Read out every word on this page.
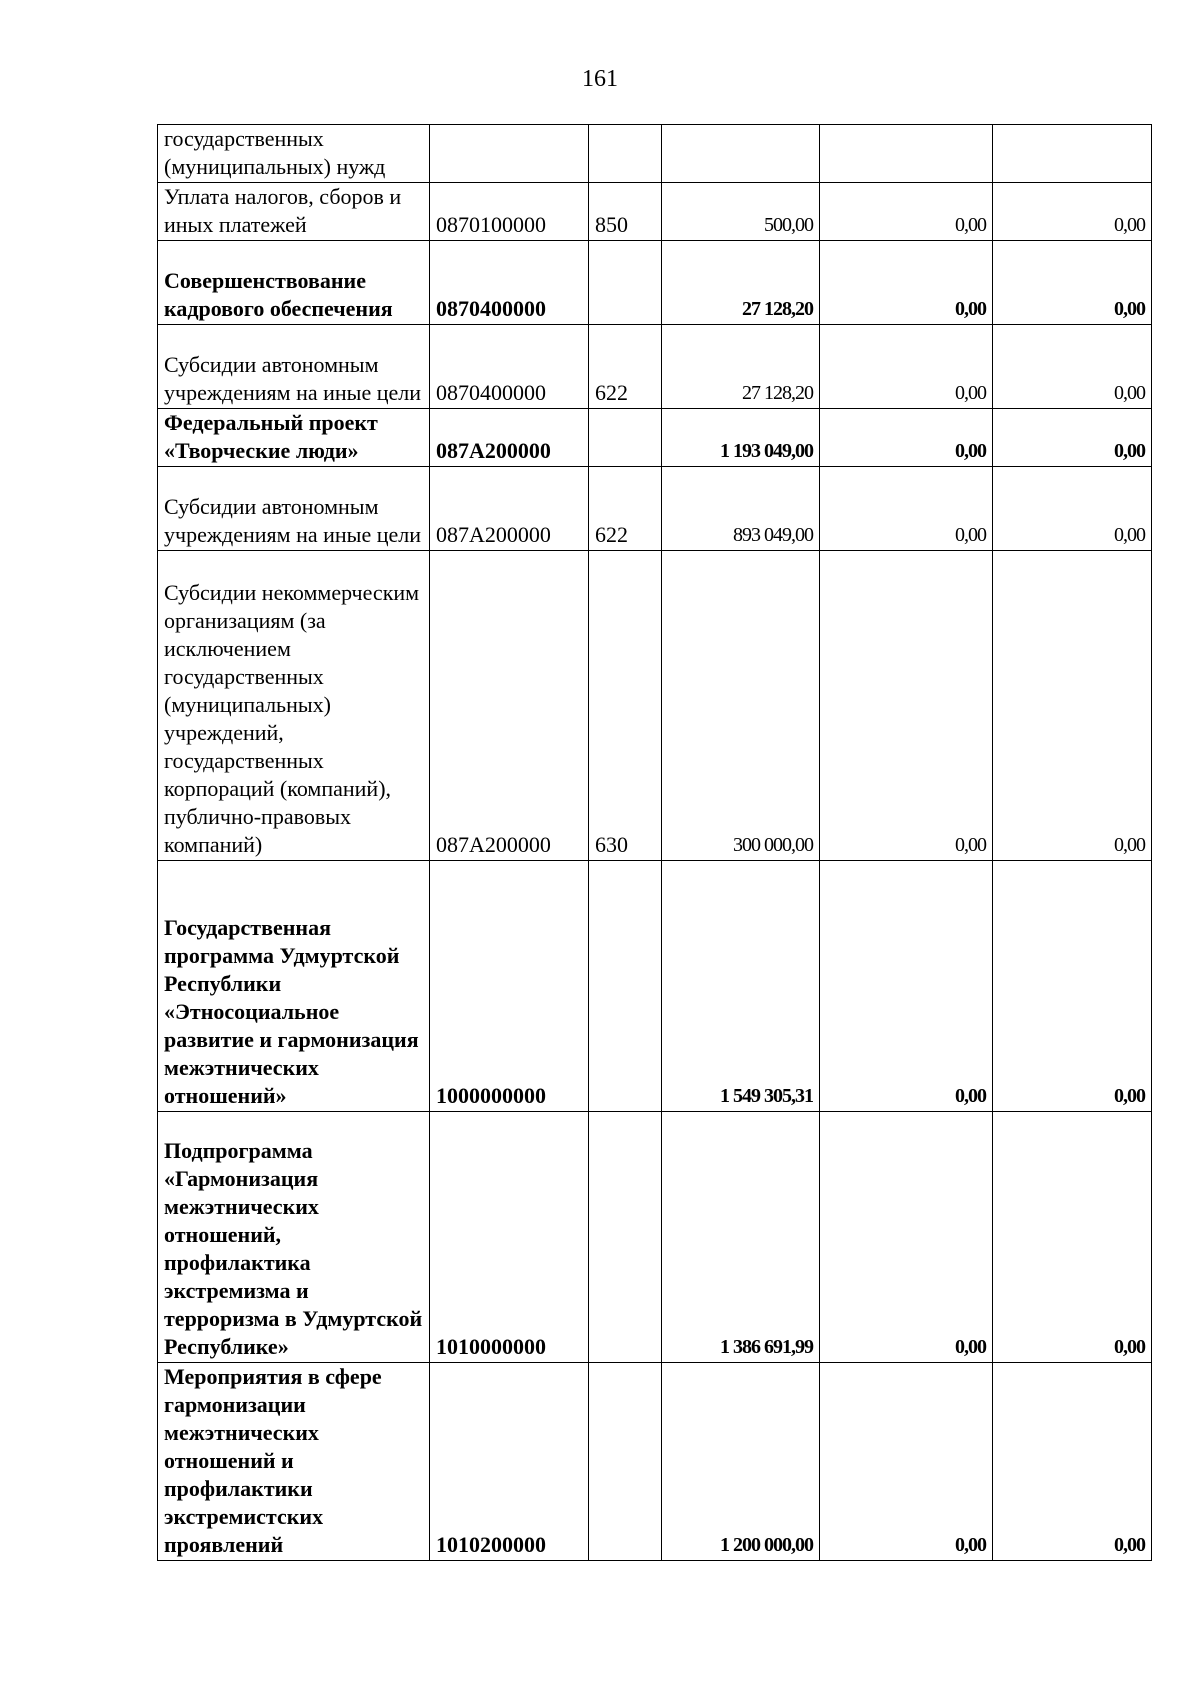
161
государственных (муниципальных) нужд					
Уплата налогов, сборов и иных платежей	0870100000	850	500,00	0,00	0,00
Совершенствование кадрового обеспечения	0870400000		27 128,20	0,00	0,00
Субсидии автономным учреждениям на иные цели	0870400000	622	27 128,20	0,00	0,00
Федеральный проект «Творческие люди»	087A200000		1 193 049,00	0,00	0,00
Субсидии автономным учреждениям на иные цели	087A200000	622	893 049,00	0,00	0,00
Субсидии некоммерческим организациям (за исключением государственных (муниципальных) учреждений, государственных корпораций (компаний), публично-правовых компаний)	087A200000	630	300 000,00	0,00	0,00
Государственная программа Удмуртской Республики «Этносоциальное развитие и гармонизация межэтнических отношений»	1000000000		1 549 305,31	0,00	0,00
Подпрограмма «Гармонизация межэтнических отношений, профилактика экстремизма и терроризма в Удмуртской Республике»	1010000000		1 386 691,99	0,00	0,00
Мероприятия в сфере гармонизации межэтнических отношений и профилактики экстремистских проявлений	1010200000		1 200 000,00	0,00	0,00
